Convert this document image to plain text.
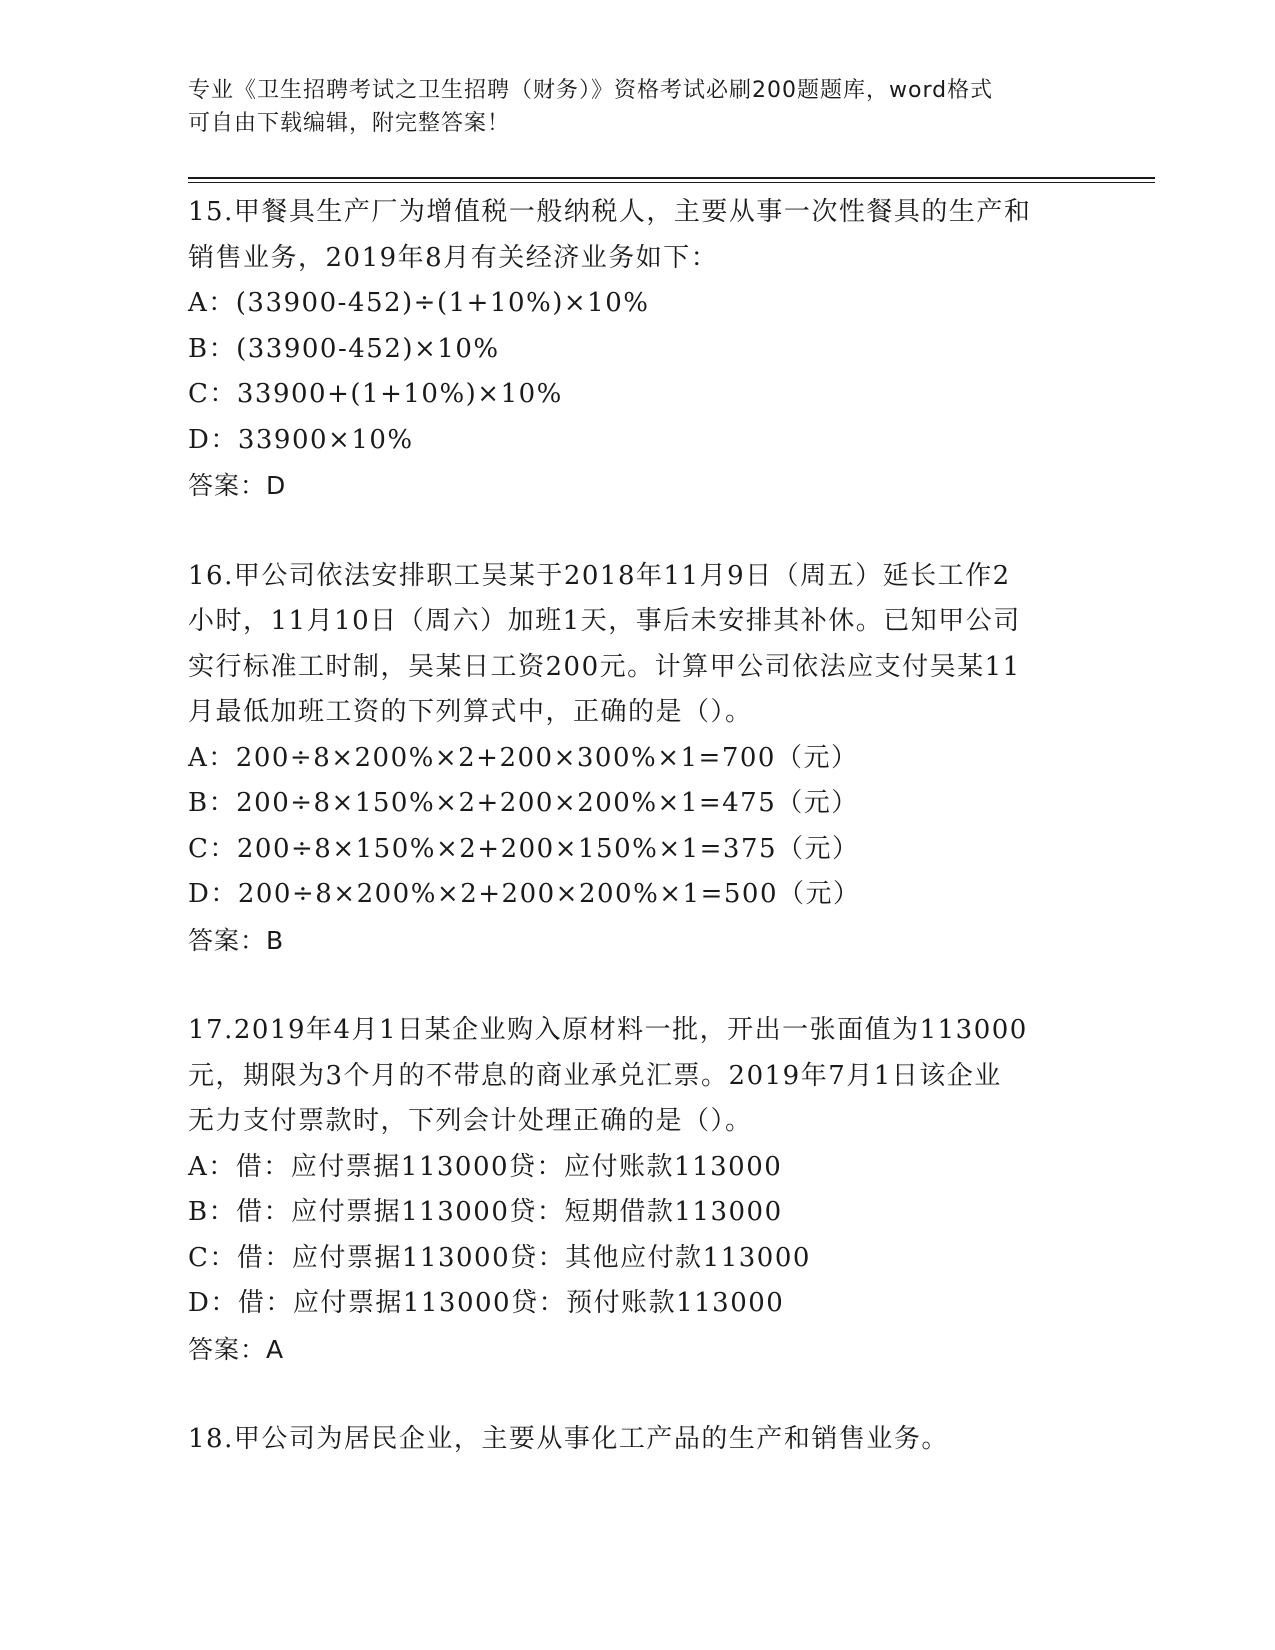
专业《卫生招聘考试之卫生招聘（财务）》资格考试必刷200题题库，word格式
可自由下载编辑，附完整答案！
15.甲餐具生产厂为增值税一般纳税人，主要从事一次性餐具的生产和
销售业务，2019年8月有关经济业务如下：
A：(33900-452)÷(1+10%)×10%
B：(33900-452)×10%
C：33900+(1+10%)×10%
D：33900×10%
答案：D
16.甲公司依法安排职工吴某于2018年11月9日（周五）延长工作2
小时，11月10日（周六）加班1天，事后未安排其补休。已知甲公司
实行标准工时制，吴某日工资200元。计算甲公司依法应支付吴某11
月最低加班工资的下列算式中，正确的是（）。
A：200÷8×200%×2+200×300%×1=700（元）
B：200÷8×150%×2+200×200%×1=475（元）
C：200÷8×150%×2+200×150%×1=375（元）
D：200÷8×200%×2+200×200%×1=500（元）
答案：B
17.2019年4月1日某企业购入原材料一批，开出一张面值为113000
元，期限为3个月的不带息的商业承兑汇票。2019年7月1日该企业
无力支付票款时，下列会计处理正确的是（）。
A：借：应付票据113000贷：应付账款113000
B：借：应付票据113000贷：短期借款113000
C：借：应付票据113000贷：其他应付款113000
D：借：应付票据113000贷：预付账款113000
答案：A
18.甲公司为居民企业，主要从事化工产品的生产和销售业务。
